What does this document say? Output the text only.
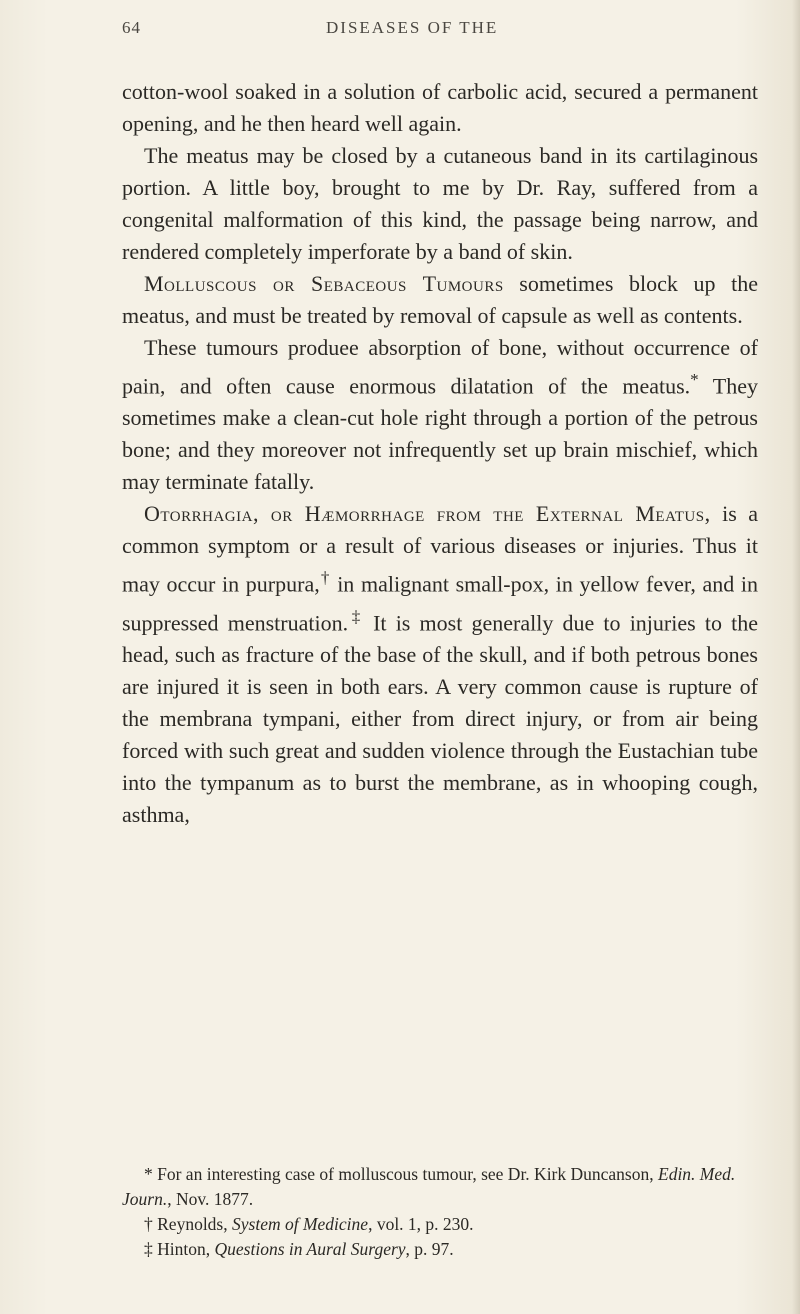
64	DISEASES OF THE

cotton-wool soaked in a solution of carbolic acid, secured a permanent opening, and he then heard well again.

The meatus may be closed by a cutaneous band in its cartilaginous portion. A little boy, brought to me by Dr. Ray, suffered from a congenital malformation of this kind, the passage being narrow, and rendered completely imperforate by a band of skin.

Molluscous or Sebaceous Tumours sometimes block up the meatus, and must be treated by removal of capsule as well as contents.

These tumours produee absorption of bone, without occurrence of pain, and often cause enormous dilatation of the meatus.* They sometimes make a clean-cut hole right through a portion of the petrous bone; and they moreover not infrequently set up brain mischief, which may terminate fatally.

Otorrhagia, or Hæmorrhage from the External Meatus, is a common symptom or a result of various diseases or injuries. Thus it may occur in purpura,† in malignant small-pox, in yellow fever, and in suppressed menstruation.‡ It is most generally due to injuries to the head, such as fracture of the base of the skull, and if both petrous bones are injured it is seen in both ears. A very common cause is rupture of the membrana tympani, either from direct injury, or from air being forced with such great and sudden violence through the Eustachian tube into the tympanum as to burst the membrane, as in whooping cough, asthma,

* For an interesting case of molluscous tumour, see Dr. Kirk Duncanson, Edin. Med. Journ., Nov. 1877.

† Reynolds, System of Medicine, vol. 1, p. 230.

‡ Hinton, Questions in Aural Surgery, p. 97.
